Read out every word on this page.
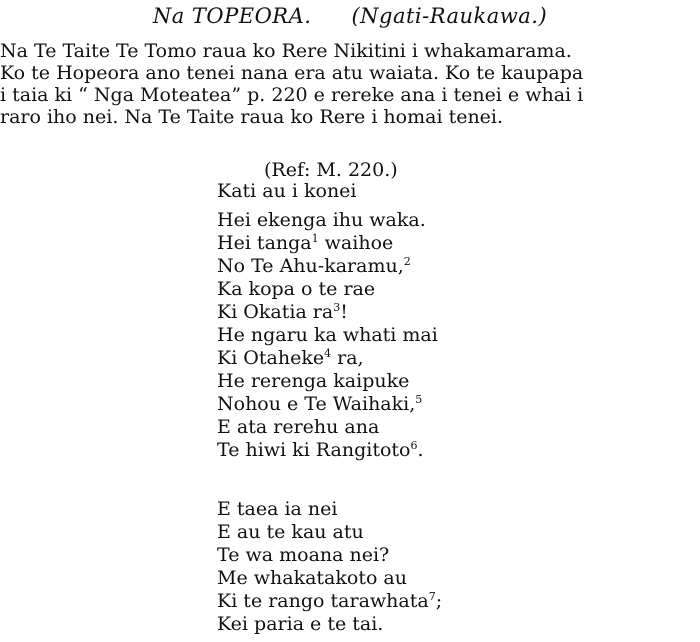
Na TOPEORA. (Ngati-Raukawa.)
Na Te Taite Te Tomo raua ko Rere Nikitini i whakamarama.
Ko te Hopeora ano tenei nana era atu waiata. Ko te kaupapa
i taia ki “ Nga Moteatea” p. 220 e rereke ana i tenei e whai i
raro iho nei. Na Te Taite raua ko Rere i homai tenei.
(Ref: M. 220.)
Kati au i konei
Hei ekenga ihu waka.
Hei tanga$^1$ waihoe
No Te Ahu-karamu,$^2$
Ka kopa o te rae
Ki Okatia $ra^3$!
He ngaru ka whati mai
Ki Otaheke$^4$ ra,
He rerenga kaipuke
Nohou e Te Waihaki,$^5$
E ata rerehu ana
Te hiwi ki Rangitoto$^6$.
E taea ia nei
E au te kau atu
Te wa moana nei?
Me whakatakoto au
Ki te rango tarawhata$^7$;
Kei paria e te tai.
